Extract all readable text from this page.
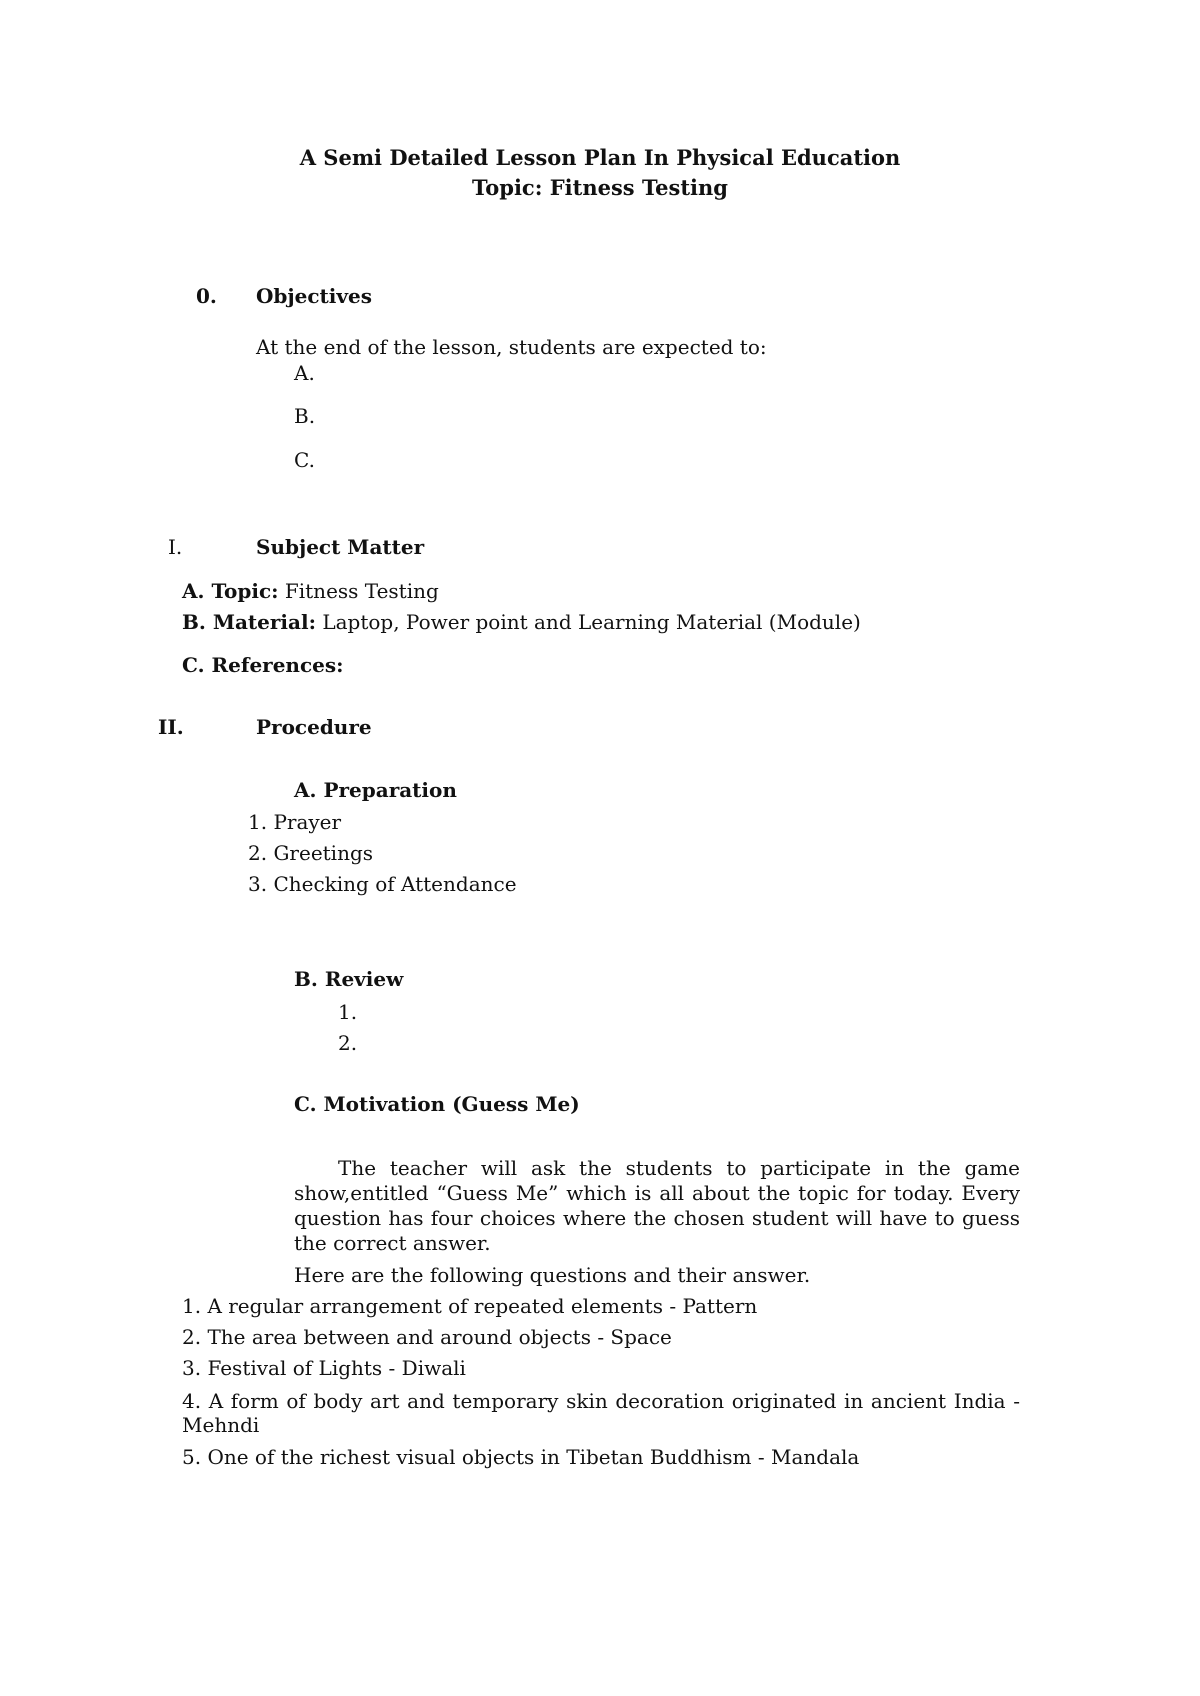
A Semi Detailed Lesson Plan In Physical Education
Topic: Fitness Testing
0. Objectives
At the end of the lesson, students are expected to:
A.
B.
C.
I.	Subject Matter
A. Topic: Fitness Testing
B. Material: Laptop, Power point and Learning Material (Module)
C. References:
II.	Procedure
A. Preparation
1. Prayer
2. Greetings
3. Checking of Attendance
B. Review
1.
2.
C. Motivation (Guess Me)
The teacher will ask the students to participate in the game show,entitled “Guess Me” which is all about the topic for today. Every question has four choices where the chosen student will have to guess the correct answer.
Here are the following questions and their answer.
1. A regular arrangement of repeated elements - Pattern
2. The area between and around objects - Space
3. Festival of Lights - Diwali
4. A form of body art and temporary skin decoration originated in ancient India - Mehndi
5. One of the richest visual objects in Tibetan Buddhism - Mandala
